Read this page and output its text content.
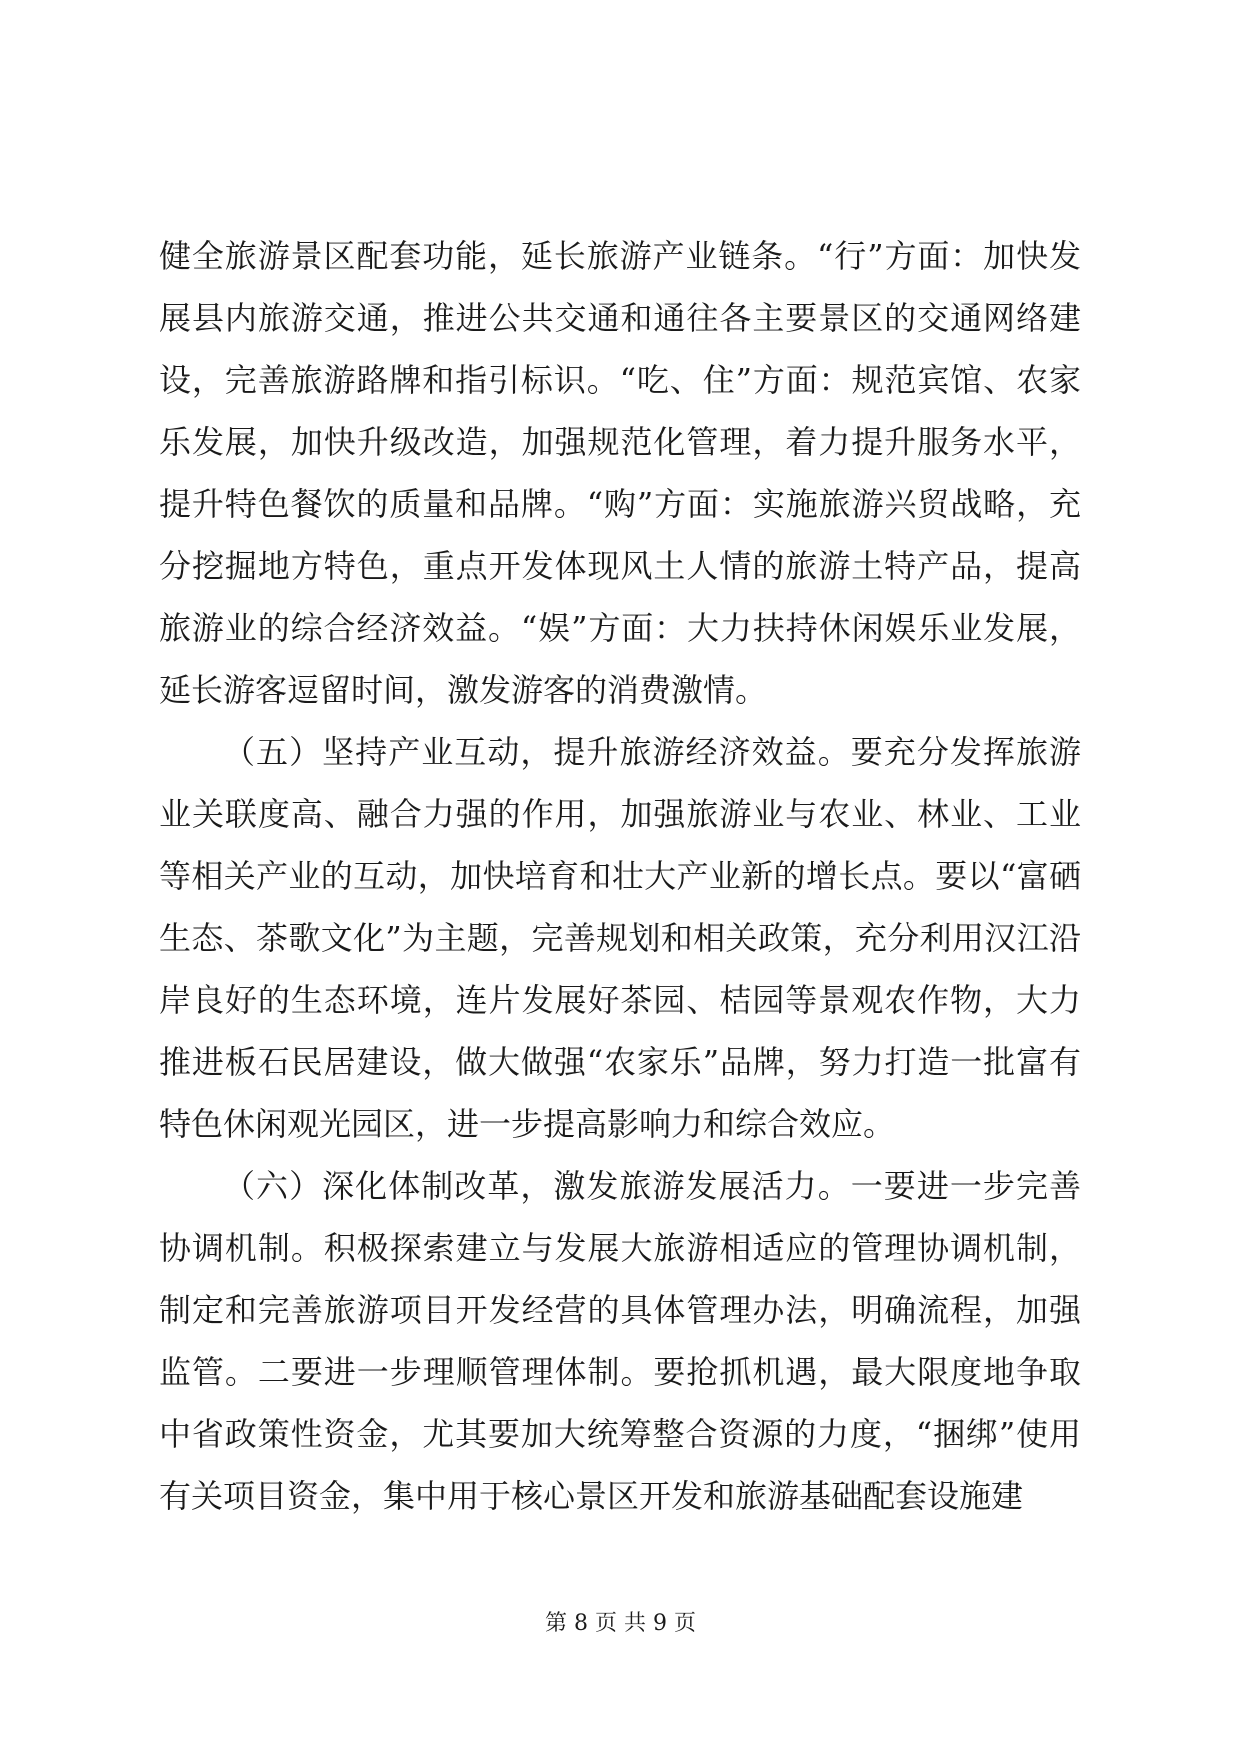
健全旅游景区配套功能，延长旅游产业链条。“行”方面：加快发展县内旅游交通，推进公共交通和通往各主要景区的交通网络建设，完善旅游路牌和指引标识。“吃、住”方面：规范宾馆、农家乐发展，加快升级改造，加强规范化管理，着力提升服务水平，提升特色餐饮的质量和品牌。“购”方面：实施旅游兴贸战略，充分挖掘地方特色，重点开发体现风土人情的旅游土特产品，提高旅游业的综合经济效益。“娱”方面：大力扶持休闲娱乐业发展，延长游客逗留时间，激发游客的消费激情。

（五）坚持产业互动，提升旅游经济效益。要充分发挥旅游业关联度高、融合力强的作用，加强旅游业与农业、林业、工业等相关产业的互动，加快培育和壮大产业新的增长点。要以“富硒生态、茶歌文化”为主题，完善规划和相关政策，充分利用汉江沿岸良好的生态环境，连片发展好茶园、桔园等景观农作物，大力推进板石民居建设，做大做强“农家乐”品牌，努力打造一批富有特色休闲观光园区，进一步提高影响力和综合效应。

（六）深化体制改革，激发旅游发展活力。一要进一步完善协调机制。积极探索建立与发展大旅游相适应的管理协调机制，制定和完善旅游项目开发经营的具体管理办法，明确流程，加强监管。二要进一步理顺管理体制。要抢抓机遇，最大限度地争取中省政策性资金，尤其要加大统筹整合资源的力度，“捆绑”使用有关项目资金，集中用于核心景区开发和旅游基础配套设施建

第 8 页 共 9 页
